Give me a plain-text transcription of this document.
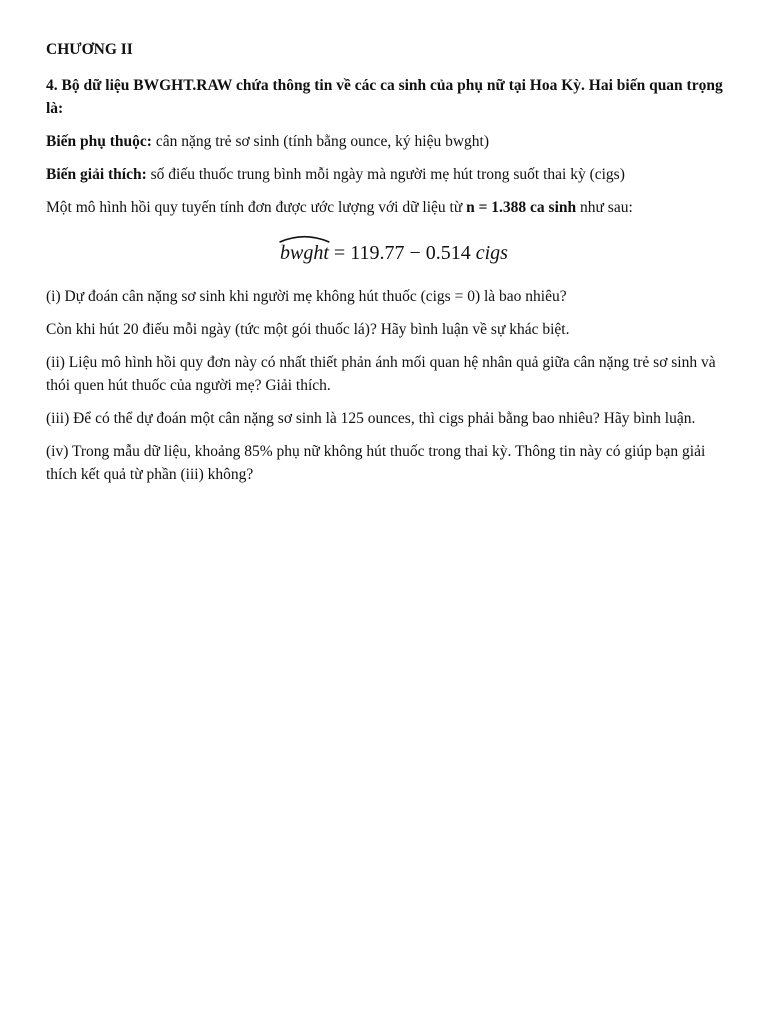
CHƯƠNG II
4. Bộ dữ liệu BWGHT.RAW chứa thông tin về các ca sinh của phụ nữ tại Hoa Kỳ. Hai biến quan trọng là:
Biến phụ thuộc: cân nặng trẻ sơ sinh (tính bằng ounce, ký hiệu bwght)
Biến giải thích: số điếu thuốc trung bình mỗi ngày mà người mẹ hút trong suốt thai kỳ (cigs)
Một mô hình hồi quy tuyến tính đơn được ước lượng với dữ liệu từ n = 1.388 ca sinh như sau:
bwght = 119.77 − 0.514 cigs
(i) Dự đoán cân nặng sơ sinh khi người mẹ không hút thuốc (cigs = 0) là bao nhiêu?
Còn khi hút 20 điếu mỗi ngày (tức một gói thuốc lá)? Hãy bình luận về sự khác biệt.
(ii) Liệu mô hình hồi quy đơn này có nhất thiết phản ánh mối quan hệ nhân quả giữa cân nặng trẻ sơ sinh và thói quen hút thuốc của người mẹ? Giải thích.
(iii) Để có thể dự đoán một cân nặng sơ sinh là 125 ounces, thì cigs phải bằng bao nhiêu? Hãy bình luận.
(iv) Trong mẫu dữ liệu, khoảng 85% phụ nữ không hút thuốc trong thai kỳ. Thông tin này có giúp bạn giải thích kết quả từ phần (iii) không?
